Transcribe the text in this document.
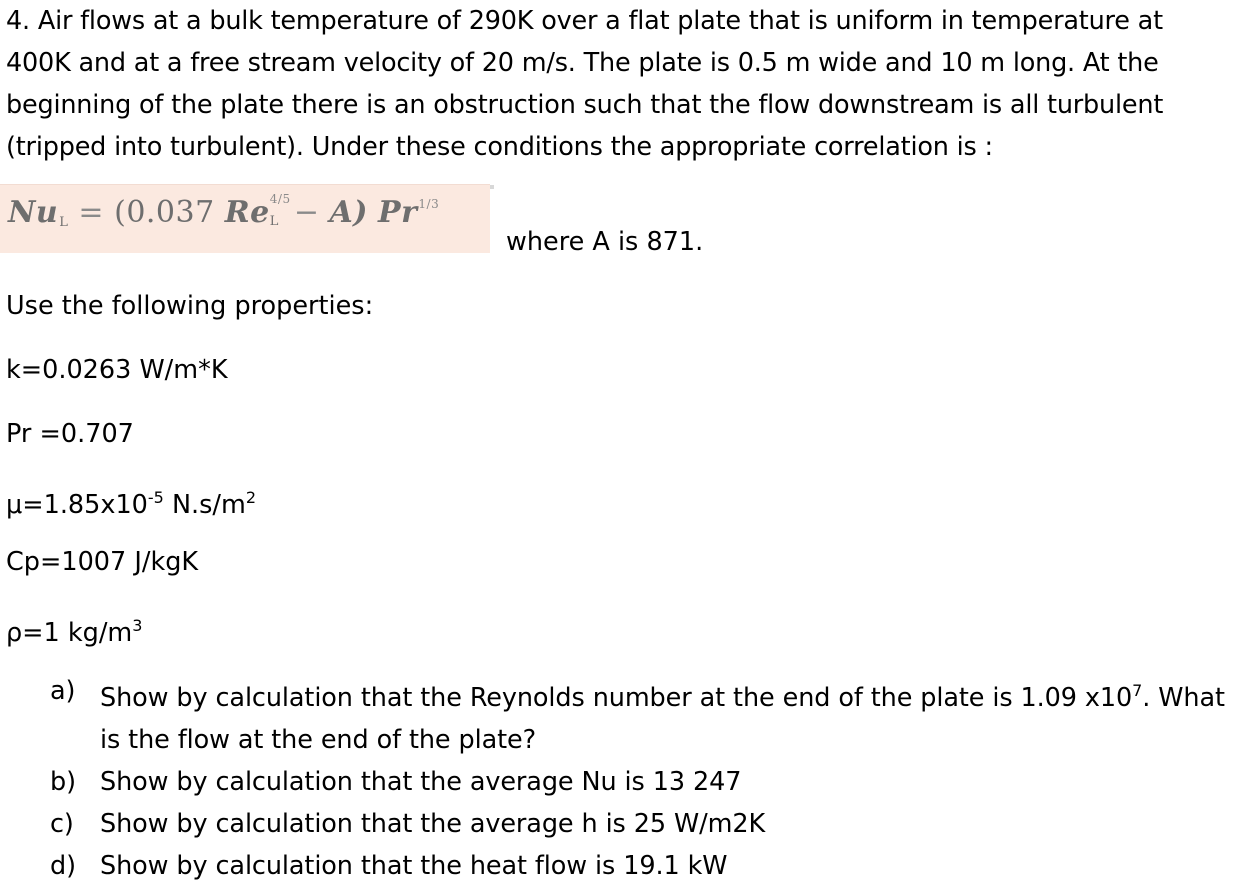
4. Air flows at a bulk temperature of 290K over a flat plate that is uniform in temperature at
400K and at a free stream velocity of 20 m/s. The plate is 0.5 m wide and 10 m long. At the
beginning of the plate there is an obstruction such that the flow downstream is all turbulent
(tripped into turbulent). Under these conditions the appropriate correlation is :
$Nu_L = (0.037$ Re 4/5
L − A) $Pr^{1/3}$
where A is 871.
Use the following properties:
k=0.0263 W/m*K
Pr =0.707
$\mu=1.85x10^{-5}$ $N.s/m^2$
Cp=1007 J/kgK
ρ=1 $kg/m^3$
a) Show by calculation that the Reynolds number at the end of the plate is 1.09 $x10^7$. What
is the flow at the end of the plate?
b) Show by calculation that the average Nu is 13 247
c) Show by calculation that the average h is 25 W/m2K
d) Show by calculation that the heat flow is 19.1 kW
